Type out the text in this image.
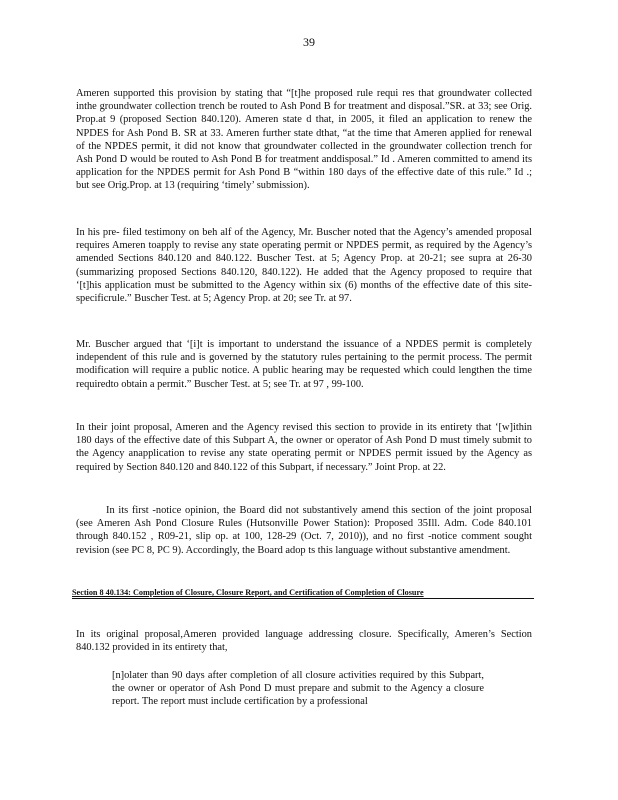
39

Ameren supported this provision by stating that “[t]he proposed rule requi res that groundwater collected inthe groundwater collection trench be routed to Ash Pond B for treatment and disposal.”SR. at 33; see Orig. Prop.at 9 (proposed Section 840.120). Ameren state d that, in 2005, it filed an application to renew the NPDES for Ash Pond B. SR at 33. Ameren further state dthat, “at the time that Ameren applied for renewal of the NPDES permit, it did not know that groundwater collected in the groundwater collection trench for Ash Pond D would be routed to Ash Pond B for treatment anddisposal.” Id . Ameren committed to amend its application for the NPDES permit for Ash Pond B “within 180 days of the effective date of this rule.” Id .; but see Orig.Prop. at 13 (requiring ‘timely’ submission).

In his pre- filed testimony on beh alf of the Agency, Mr. Buscher noted that the Agency’s amended proposal requires Ameren toapply to revise any state operating permit or NPDES permit, as required by the Agency’s amended Sections 840.120 and 840.122. Buscher Test. at 5; Agency Prop. at 20-21; see supra at 26-30 (summarizing proposed Sections 840.120, 840.122). He added that the Agency proposed to require that ‘[t]his application must be submitted to the Agency within six (6) months of the effective date of this site- specificrule.” Buscher Test. at 5; Agency Prop. at 20; see Tr. at 97.

Mr. Buscher argued that ‘[i]t is important to understand the issuance of a NPDES permit is completely independent of this rule and is governed by the statutory rules pertaining to the permit process. The permit modification will require a public notice. A public hearing may be requested which could lengthen the time requiredto obtain a permit.” Buscher Test. at 5; see Tr. at 97 , 99-100.

In their joint proposal, Ameren and the Agency revised this section to provide in its entirety that ‘[w]ithin 180 days of the effective date of this Subpart A, the owner or operator of Ash Pond D must timely submit to the Agency anapplication to revise any state operating permit or NPDES permit issued by the Agency as required by Section 840.120 and 840.122 of this Subpart, if necessary.” Joint Prop. at 22.

In its first -notice opinion, the Board did not substantively amend this section of the joint proposal (see Ameren Ash Pond Closure Rules (Hutsonville Power Station): Proposed 35Ill. Adm. Code 840.101 through 840.152 , R09-21, slip op. at 100, 128-29 (Oct. 7, 2010)), and no first -notice comment sought revision (see PC 8, PC 9). Accordingly, the Board adop ts this language without substantive amendment.

Section 8 40.134: Completion of Closure, Closure Report, and Certification of Completion of Closure

In its original proposal,Ameren provided language addressing closure. Specifically, Ameren’s Section 840.132 provided in its entirety that,

[n]olater than 90 days after completion of all closure activities required by this Subpart, the owner or operator of Ash Pond D must prepare and submit to the Agency a closure report. The report must include certification by a professional
